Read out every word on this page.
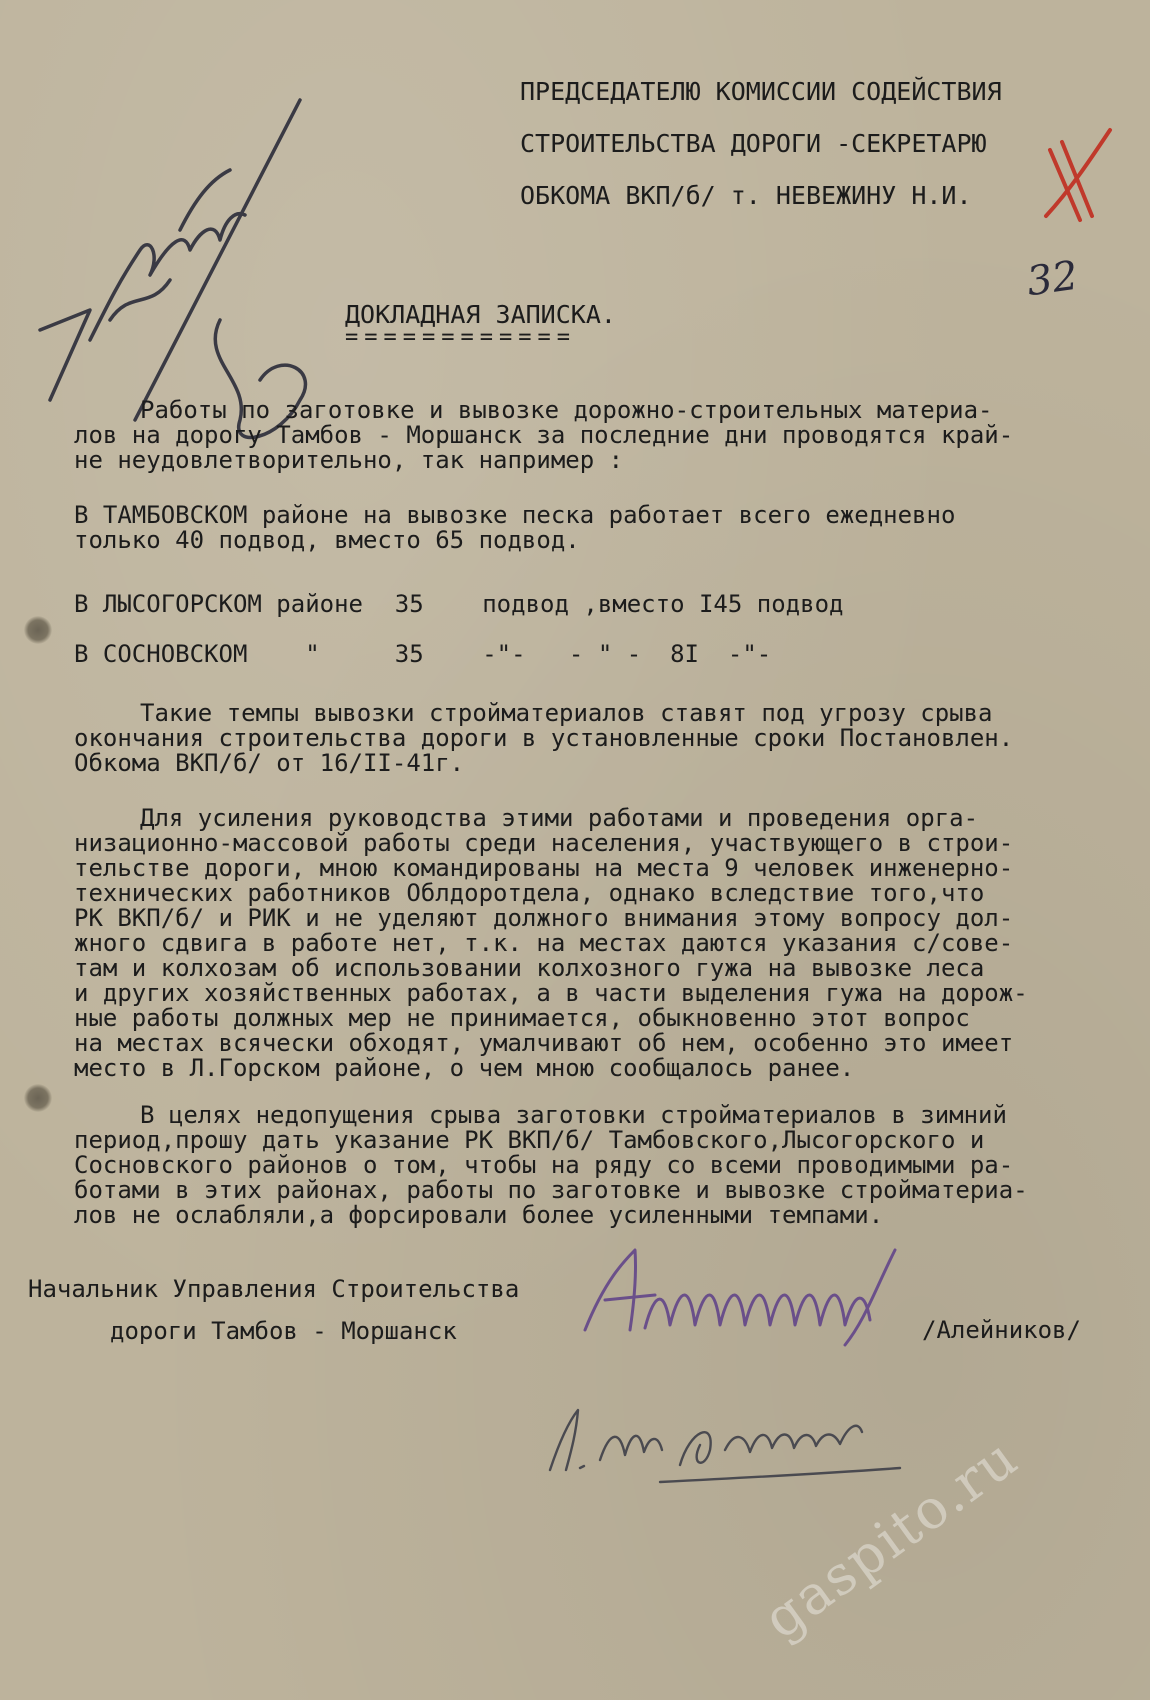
ПРЕДСЕДАТЕЛЮ КОМИССИИ СОДЕЙСТВИЯ
СТРОИТЕЛЬСТВА ДОРОГИ -СЕКРЕТАРЮ
ОБКОМА ВКП/б/ т. НЕВЕЖИНУ Н.И.
32
ДОКЛАДНАЯ ЗАПИСКА.
============
Работы по заготовке и вывозке дорожно-строительных материа-
лов на дорогу Тамбов - Моршанск за последние дни проводятся край-
не неудовлетворительно, так например :
В ТАМБОВСКОМ районе на вывозке песка работает всего ежедневно
только 40 подвод, вместо 65 подвод.
В ЛЫСОГОРСКОМ районе	35	подвод ,вместо I45 подвод
В СОСНОВСКОМ    "	35	-"-   - " -  8I  -"-
Такие темпы вывозки стройматериалов ставят под угрозу срыва
окончания строительства дороги в установленные сроки Постановлен.
Обкома ВКП/б/ от 16/II-41г.
Для усиления руководства этими работами и проведения орга-
низационно-массовой работы среди населения, участвующего в строи-
тельстве дороги, мною командированы на места 9 человек инженерно-
технических работников Облдоротдела, однако вследствие того,что
РК ВКП/б/ и РИК и не уделяют должного внимания этому вопросу дол-
жного сдвига в работе нет, т.к. на местах даются указания с/сове-
там и колхозам об использовании колхозного гужа на вывозке леса
и других хозяйственных работах, а в части выделения гужа на дорож-
ные работы должных мер не принимается, обыкновенно этот вопрос
на местах всячески обходят, умалчивают об нем, особенно это имеет
место в Л.Горском районе, о чем мною сообщалось ранее.
В целях недопущения срыва заготовки стройматериалов в зимний
период,прошу дать указание РК ВКП/б/ Тамбовского,Лысогорского и
Сосновского районов о том, чтобы на ряду со всеми проводимыми ра-
ботами в этих районах, работы по заготовке и вывозке стройматериа-
лов не ослабляли,а форсировали более усиленными темпами.
Начальник Управления Строительства
дороги Тамбов - Моршанск	/Алейников/
gaspito.ru
